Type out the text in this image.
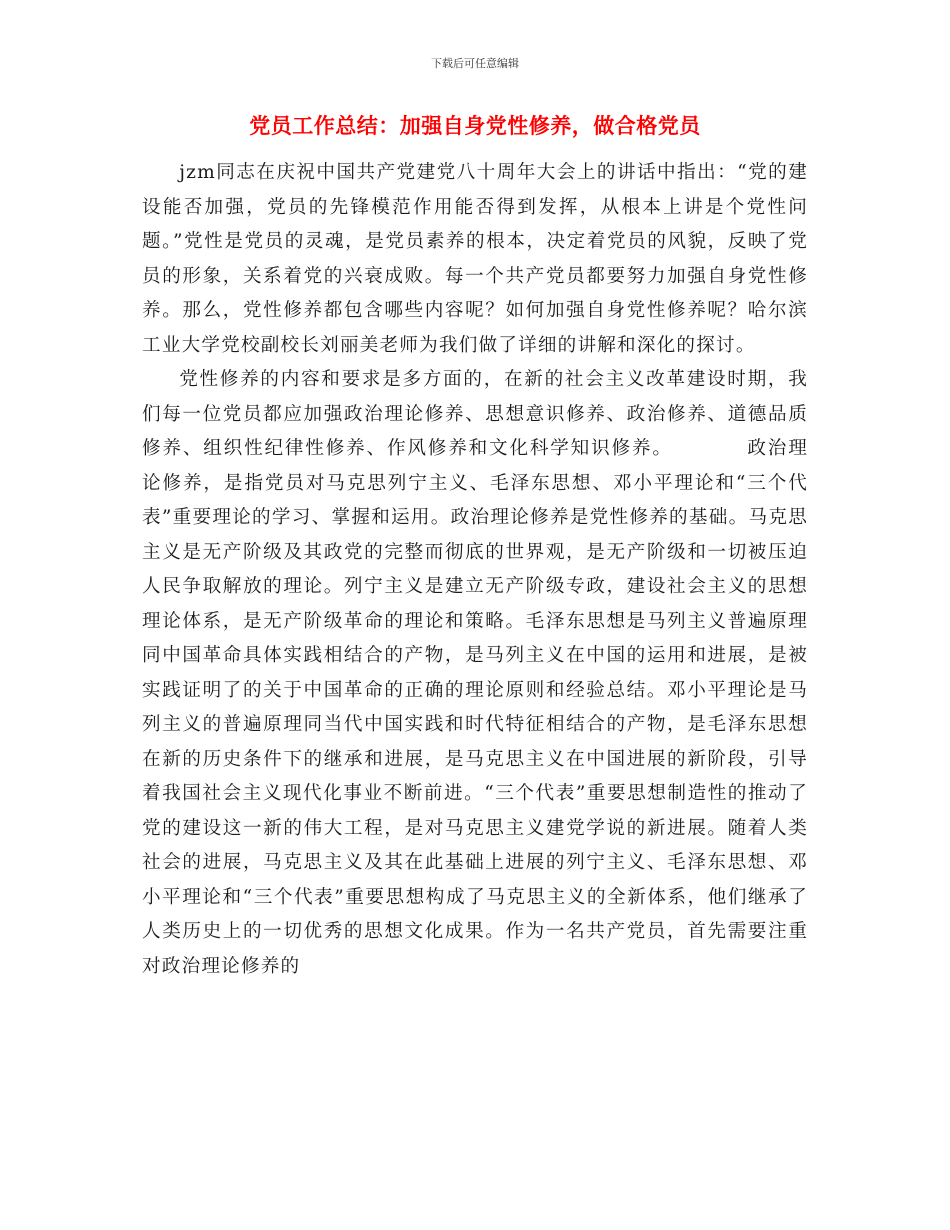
下载后可任意编辑
党员工作总结：加强自身党性修养，做合格党员

jzm同志在庆祝中国共产党建党八十周年大会上的讲话中指出：“党的建设能否加强，党员的先锋模范作用能否得到发挥，从根本上讲是个党性问题。”党性是党员的灵魂，是党员素养的根本，决定着党员的风貌，反映了党员的形象，关系着党的兴衰成败。每一个共产党员都要努力加强自身党性修养。那么，党性修养都包含哪些内容呢？如何加强自身党性修养呢？哈尔滨工业大学党校副校长刘丽美老师为我们做了详细的讲解和深化的探讨。

党性修养的内容和要求是多方面的，在新的社会主义改革建设时期，我们每一位党员都应加强政治理论修养、思想意识修养、政治修养、道德品质修养、组织性纪律性修养、作风修养和文化科学知识修养。	政治理论修养，是指党员对马克思列宁主义、毛泽东思想、邓小平理论和“三个代表”重要理论的学习、掌握和运用。政治理论修养是党性修养的基础。马克思主义是无产阶级及其政党的完整而彻底的世界观，是无产阶级和一切被压迫人民争取解放的理论。列宁主义是建立无产阶级专政，建设社会主义的思想理论体系，是无产阶级革命的理论和策略。毛泽东思想是马列主义普遍原理同中国革命具体实践相结合的产物，是马列主义在中国的运用和进展，是被实践证明了的关于中国革命的正确的理论原则和经验总结。邓小平理论是马列主义的普遍原理同当代中国实践和时代特征相结合的产物，是毛泽东思想在新的历史条件下的继承和进展，是马克思主义在中国进展的新阶段，引导着我国社会主义现代化事业不断前进。“三个代表”重要思想制造性的推动了党的建设这一新的伟大工程，是对马克思主义建党学说的新进展。随着人类社会的进展，马克思主义及其在此基础上进展的列宁主义、毛泽东思想、邓小平理论和“三个代表”重要思想构成了马克思主义的全新体系，他们继承了人类历史上的一切优秀的思想文化成果。作为一名共产党员，首先需要注重对政治理论修养的
